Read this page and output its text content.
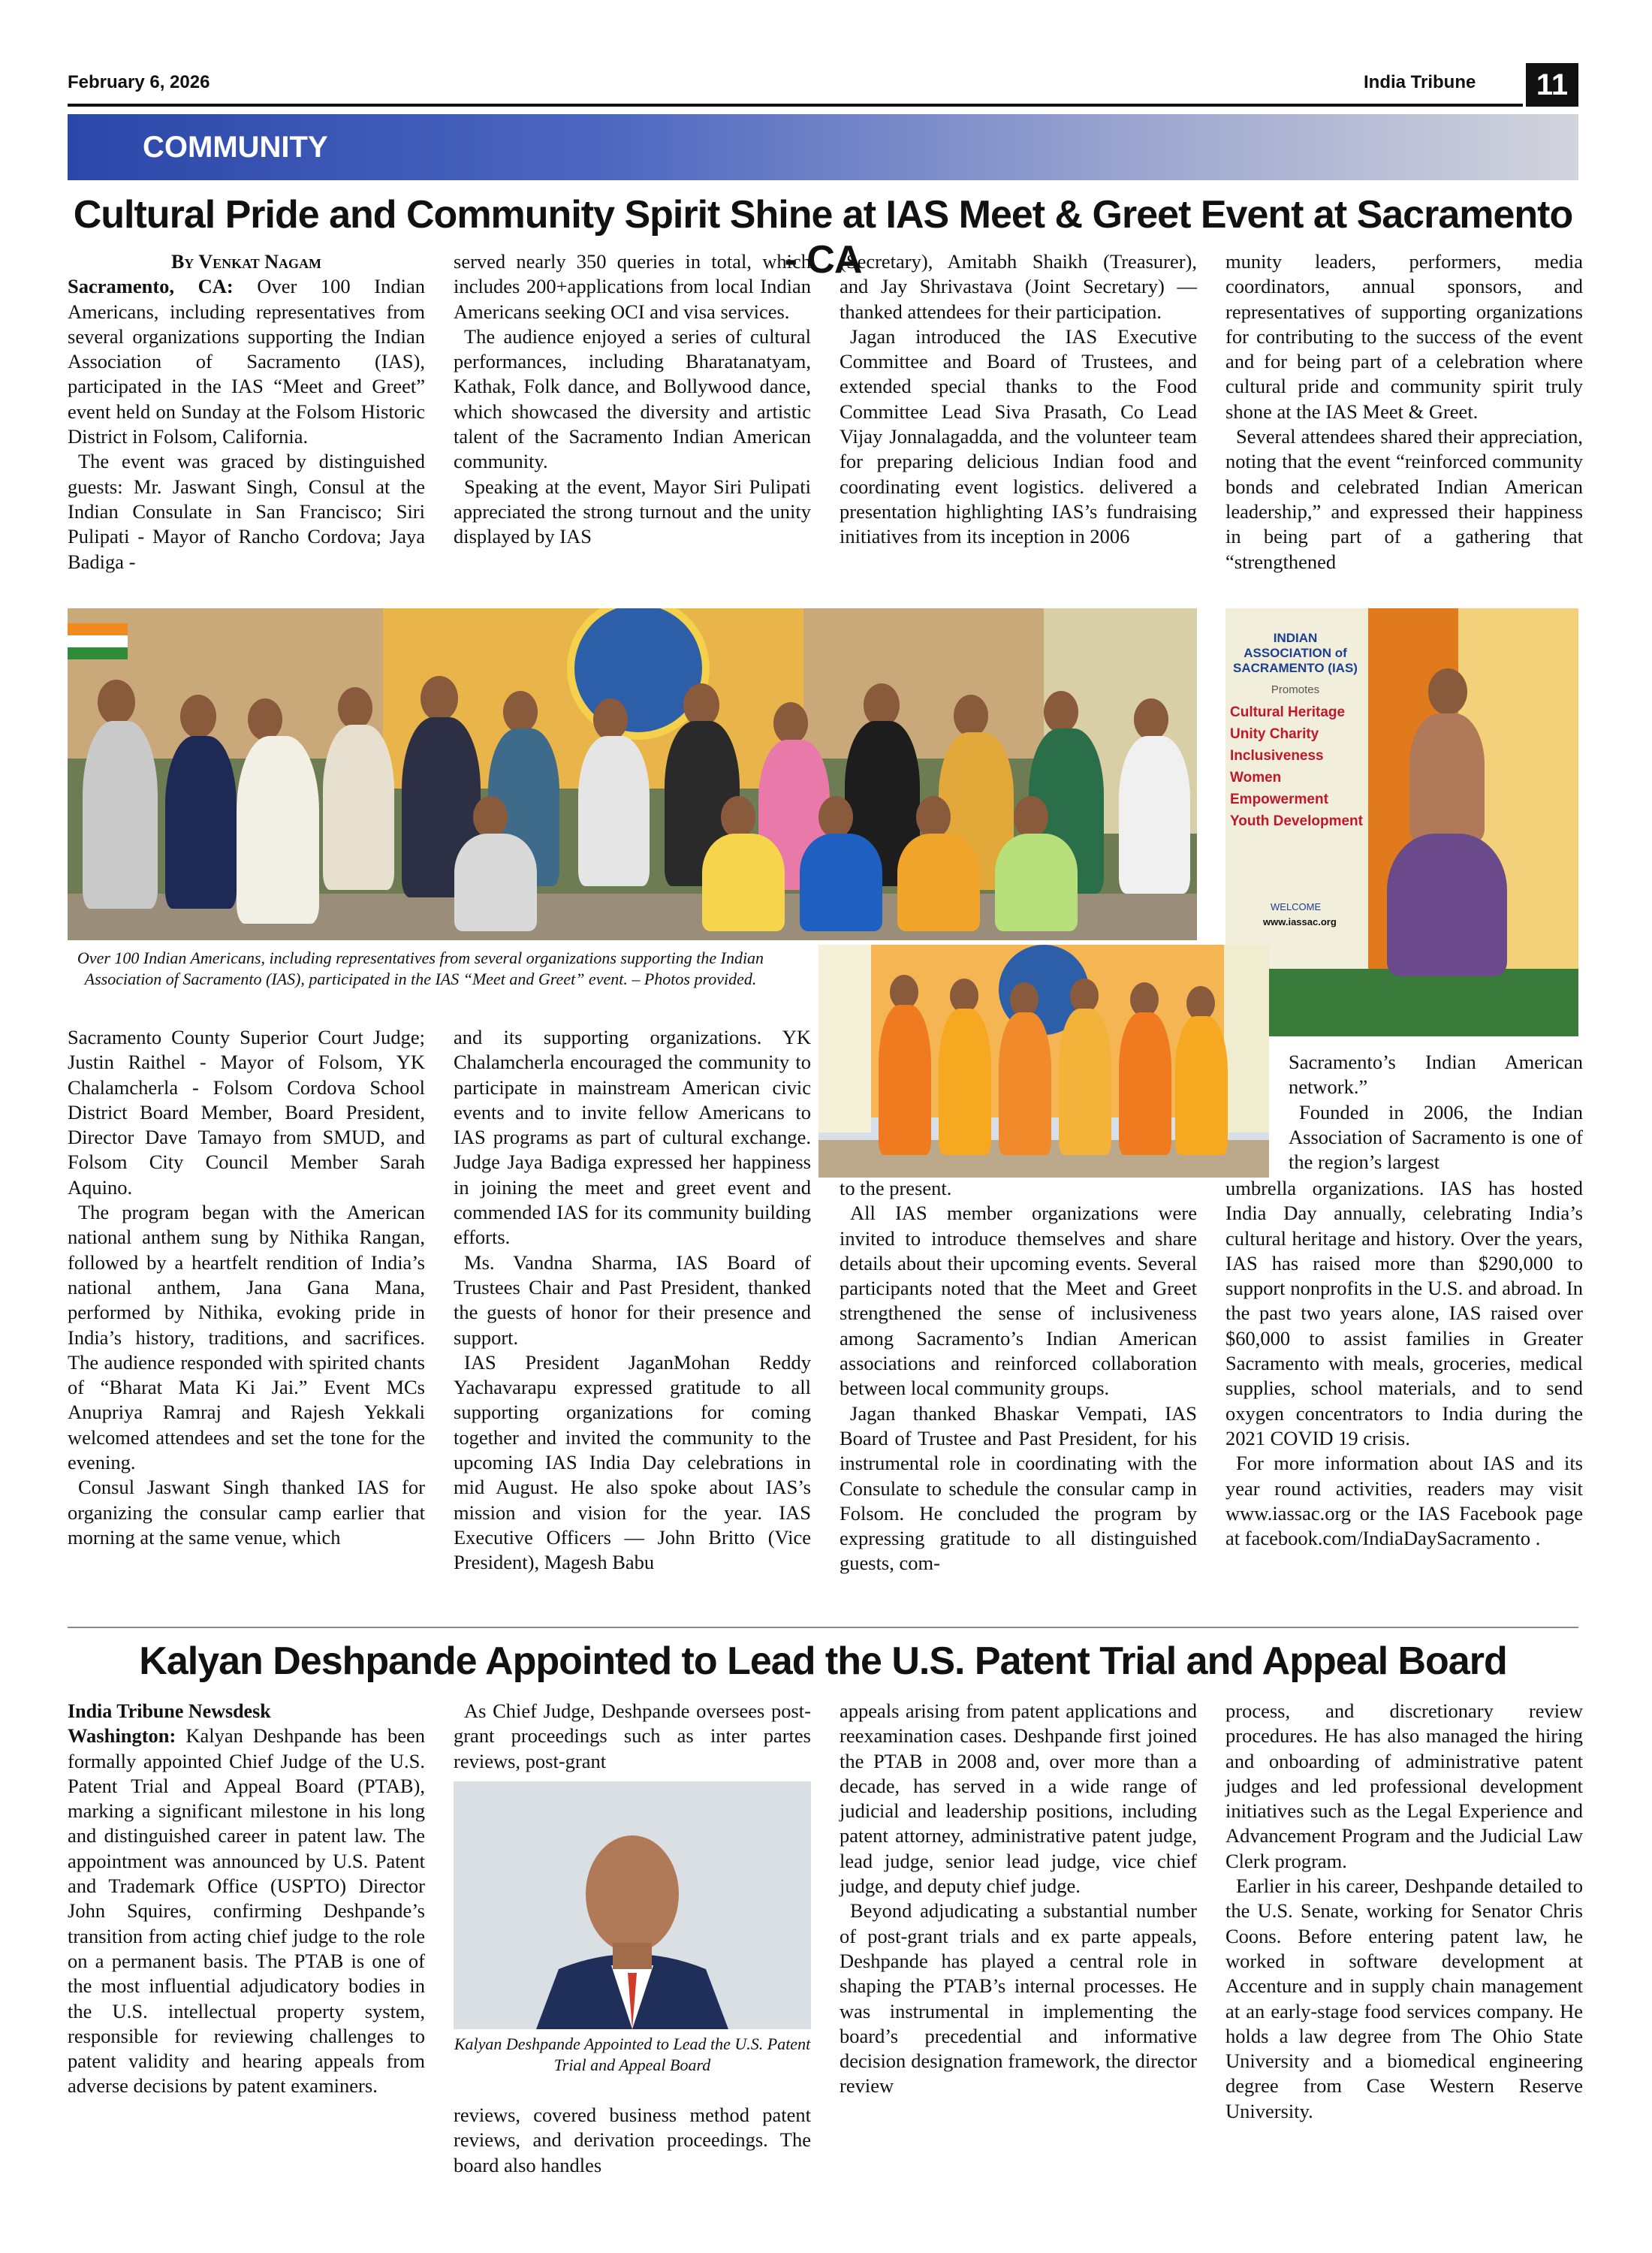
February 6, 2026	India Tribune	11
COMMUNITY
Cultural Pride and Community Spirit Shine at IAS Meet & Greet Event at Sacramento - CA
By Venkat Nagam

Sacramento, CA: Over 100 Indian Americans, including representatives from several organizations supporting the Indian Association of Sacramento (IAS), participated in the IAS “Meet and Greet” event held on Sunday at the Folsom Historic District in Folsom, California.

The event was graced by distinguished guests: Mr. Jaswant Singh, Consul at the Indian Consulate in San Francisco; Siri Pulipati - Mayor of Rancho Cordova; Jaya Badiga -

served nearly 350 queries in total, which includes 200+applications from local Indian Americans seeking OCI and visa services.

The audience enjoyed a series of cultural performances, including Bharatanatyam, Kathak, Folk dance, and Bollywood dance, which showcased the diversity and artistic talent of the Sacramento Indian American community.

Speaking at the event, Mayor Siri Pulipati appreciated the strong turnout and the unity displayed by IAS

(Secretary), Amitabh Shaikh (Treasurer), and Jay Shrivastava (Joint Secretary) — thanked attendees for their participation.

Jagan introduced the IAS Executive Committee and Board of Trustees, and extended special thanks to the Food Committee Lead Siva Prasath, Co Lead Vijay Jonnalagadda, and the volunteer team for preparing delicious Indian food and coordinating event logistics. delivered a presentation highlighting IAS’s fundraising initiatives from its inception in 2006

munity leaders, performers, media coordinators, annual sponsors, and representatives of supporting organizations for contributing to the success of the event and for being part of a celebration where cultural pride and community spirit truly shone at the IAS Meet & Greet.

Several attendees shared their appreciation, noting that the event “reinforced community bonds and celebrated Indian American leadership,” and expressed their happiness in being part of a gathering that “strengthened

INDIAN ASSOCIATION of SACRAMENTO (IAS)
Promotes
Cultural Heritage
Unity Charity
Inclusiveness
Women Empowerment
Youth Development
WELCOME
www.iassac.org
Over 100 Indian Americans, including representatives from several organizations supporting the Indian Association of Sacramento (IAS), participated in the IAS “Meet and Greet” event. – Photos provided.

Sacramento County Superior Court Judge; Justin Raithel - Mayor of Folsom, YK Chalamcherla - Folsom Cordova School District Board Member, Board President, Director Dave Tamayo from SMUD, and Folsom City Council Member Sarah Aquino.

The program began with the American national anthem sung by Nithika Rangan, followed by a heartfelt rendition of India’s national anthem, Jana Gana Mana, performed by Nithika, evoking pride in India’s history, traditions, and sacrifices. The audience responded with spirited chants of “Bharat Mata Ki Jai.” Event MCs Anupriya Ramraj and Rajesh Yekkali welcomed attendees and set the tone for the evening.

Consul Jaswant Singh thanked IAS for organizing the consular camp earlier that morning at the same venue, which

and its supporting organizations. YK Chalamcherla encouraged the community to participate in mainstream American civic events and to invite fellow Americans to IAS programs as part of cultural exchange. Judge Jaya Badiga expressed her happiness in joining the meet and greet event and commended IAS for its community building efforts.

Ms. Vandna Sharma, IAS Board of Trustees Chair and Past President, thanked the guests of honor for their presence and support.

IAS President JaganMohan Reddy Yachavarapu expressed gratitude to all supporting organizations for coming together and invited the community to the upcoming IAS India Day celebrations in mid August. He also spoke about IAS’s mission and vision for the year. IAS Executive Officers — John Britto (Vice President), Magesh Babu

to the present.

All IAS member organizations were invited to introduce themselves and share details about their upcoming events. Several participants noted that the Meet and Greet strengthened the sense of inclusiveness among Sacramento’s Indian American associations and reinforced collaboration between local community groups.

Jagan thanked Bhaskar Vempati, IAS Board of Trustee and Past President, for his instrumental role in coordinating with the Consulate to schedule the consular camp in Folsom. He concluded the program by expressing gratitude to all distinguished guests, com-

Sacramento’s Indian American network.”

Founded in 2006, the Indian Association of Sacramento is one of the region’s largest

umbrella organizations. IAS has hosted India Day annually, celebrating India’s cultural heritage and history. Over the years, IAS has raised more than $290,000 to support nonprofits in the U.S. and abroad. In the past two years alone, IAS raised over $60,000 to assist families in Greater Sacramento with meals, groceries, medical supplies, school materials, and to send oxygen concentrators to India during the 2021 COVID 19 crisis.

For more information about IAS and its year round activities, readers may visit www.iassac.org or the IAS Facebook page at facebook.com/IndiaDaySacramento .

Kalyan Deshpande Appointed to Lead the U.S. Patent Trial and Appeal Board
India Tribune Newsdesk

Washington: Kalyan Deshpande has been formally appointed Chief Judge of the U.S. Patent Trial and Appeal Board (PTAB), marking a significant milestone in his long and distinguished career in patent law. The appointment was announced by U.S. Patent and Trademark Office (USPTO) Director John Squires, confirming Deshpande’s transition from acting chief judge to the role on a permanent basis. The PTAB is one of the most influential adjudicatory bodies in the U.S. intellectual property system, responsible for reviewing challenges to patent validity and hearing appeals from adverse decisions by patent examiners.

As Chief Judge, Deshpande oversees post-grant proceedings such as inter partes reviews, post-grant

Kalyan Deshpande Appointed to Lead the U.S. Patent Trial and Appeal Board

reviews, covered business method patent reviews, and derivation proceedings. The board also handles

appeals arising from patent applications and reexamination cases. Deshpande first joined the PTAB in 2008 and, over more than a decade, has served in a wide range of judicial and leadership positions, including patent attorney, administrative patent judge, lead judge, senior lead judge, vice chief judge, and deputy chief judge.

Beyond adjudicating a substantial number of post-grant trials and ex parte appeals, Deshpande has played a central role in shaping the PTAB’s internal processes. He was instrumental in implementing the board’s precedential and informative decision designation framework, the director review

process, and discretionary review procedures. He has also managed the hiring and onboarding of administrative patent judges and led professional development initiatives such as the Legal Experience and Advancement Program and the Judicial Law Clerk program.

Earlier in his career, Deshpande detailed to the U.S. Senate, working for Senator Chris Coons. Before entering patent law, he worked in software development at Accenture and in supply chain management at an early-stage food services company. He holds a law degree from The Ohio State University and a biomedical engineering degree from Case Western Reserve University.
